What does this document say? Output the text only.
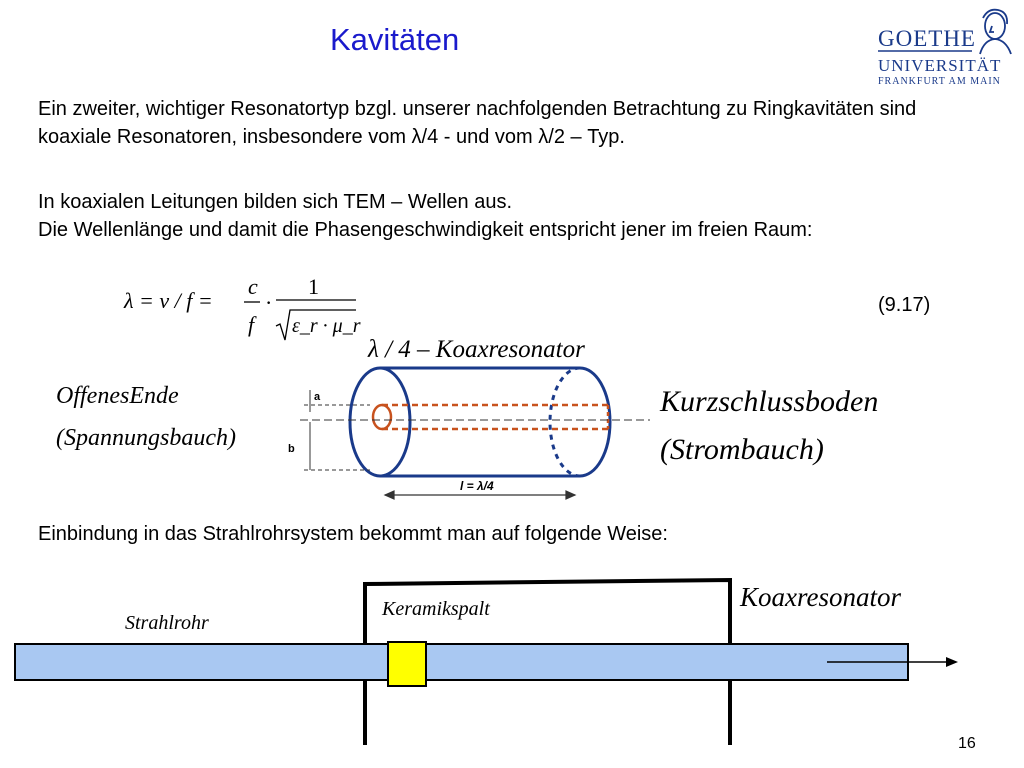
Kavitäten	GOETHE
UNIVERSITÄT
FRANKFURT AM MAIN
Ein zweiter, wichtiger Resonatortyp bzgl. unserer nachfolgenden Betrachtung zu Ringkavitäten sind koaxiale Resonatoren, insbesondere vom λ/4 - und vom λ/2 – Typ.
In koaxialen Leitungen bilden sich TEM – Wellen aus.
Die Wellenlänge und damit die Phasengeschwindigkeit entspricht jener im freien Raum:
λ = v / f =
c
f
·
1
ε_r · μ_r
(9.17)
λ / 4 – Koaxresonator
OffenesEnde
(Spannungsbauch)
Kurzschlussboden
(Strombauch)
a
b
l = λ/4
Einbindung in das Strahlrohrsystem bekommt man auf folgende Weise:
Strahlrohr
Keramikspalt	Koaxresonator
16
